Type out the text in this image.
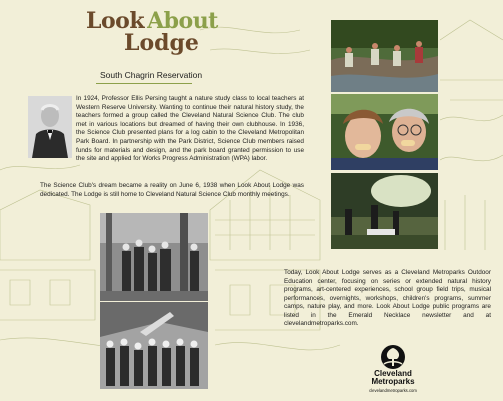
Look About
Lodge
South Chagrin Reservation
In 1924, Professor Ellis Persing taught a nature study class to local teachers at Western Reserve University. Wanting to continue their natural history study, the teachers formed a group called the Cleveland Natural Science Club. The club met in various locations but dreamed of having their own clubhouse. In 1936, the Science Club presented plans for a log cabin to the Cleveland Metropolitan Park Board. In partnership with the Park District, Science Club members raised funds for materials and design, and the park board granted permission to use the site and applied for Works Progress Administration (WPA) labor.
The Science Club's dream became a reality on June 6, 1938 when Look About Lodge was dedicated. The Lodge is still home to Cleveland Natural Science Club monthly meetings.
Today, Look About Lodge serves as a Cleveland Metroparks Outdoor Education center, focusing on series or extended natural history programs, art-centered experiences, school group field trips, musical performances, overnights, workshops, children's programs, summer camps, nature play, and more. Look About Lodge public programs are listed in the Emerald Necklace newsletter and at clevelandmetroparks.com.
Cleveland
Metroparks
clevelandmetroparks.com
